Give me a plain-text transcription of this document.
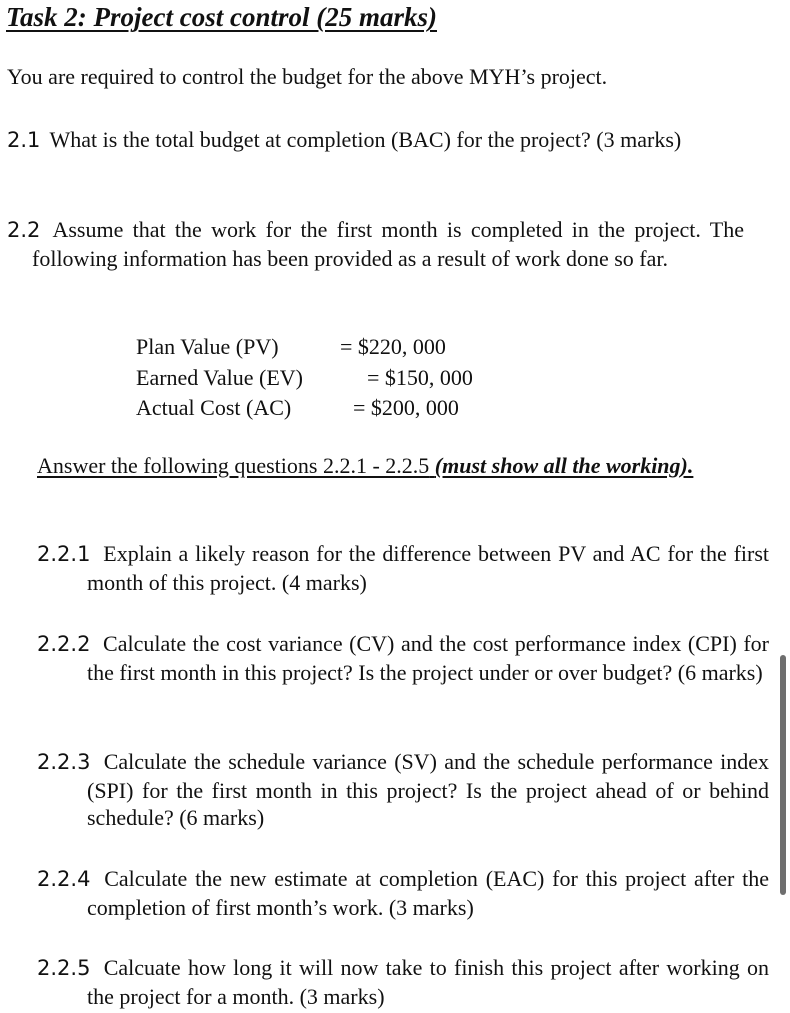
Task 2: Project cost control (25 marks)
You are required to control the budget for the above MYH’s project.
2.1 What is the total budget at completion (BAC) for the project? (3 marks)
2.2 Assume that the work for the first month is completed in the project. The following information has been provided as a result of work done so far.
Plan Value (PV)	= $220, 000
Earned Value (EV)	= $150, 000
Actual Cost (AC)	= $200, 000
Answer the following questions 2.2.1 - 2.2.5 (must show all the working).
2.2.1 Explain a likely reason for the difference between PV and AC for the first month of this project. (4 marks)
2.2.2 Calculate the cost variance (CV) and the cost performance index (CPI) for the first month in this project? Is the project under or over budget? (6 marks)
2.2.3 Calculate the schedule variance (SV) and the schedule performance index (SPI) for the first month in this project? Is the project ahead of or behind schedule? (6 marks)
2.2.4 Calculate the new estimate at completion (EAC) for this project after the completion of first month’s work. (3 marks)
2.2.5 Calcuate how long it will now take to finish this project after working on the project for a month. (3 marks)
